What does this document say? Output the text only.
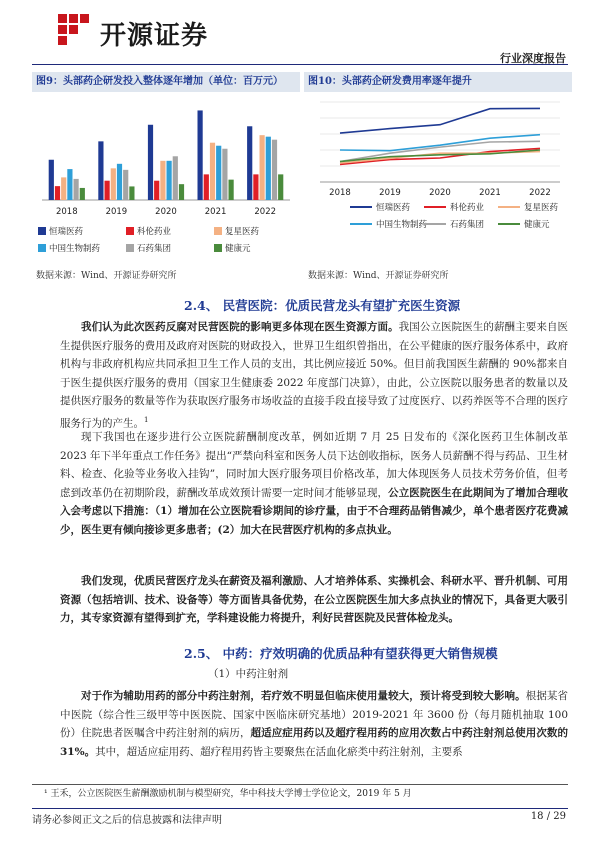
开源证券
行业深度报告
图9：头部药企研发投入整体逐年增加（单位：百万元）	图10：头部药企研发费用率逐年提升
2018	2019	2020	2021	2022
恒瑞医药	科伦药业	复星医药
中国生物制药	石药集团	健康元
2018	2019	2020	2021	2022
恒瑞医药	科伦药业	复星医药
中国生物制药	石药集团	健康元
数据来源：Wind、开源证券研究所	数据来源：Wind、开源证券研究所
2.4、 民营医院：优质民营龙头有望扩充医生资源

我们认为此次医药反腐对民营医院的影响更多体现在医生资源方面。我国公立医院医生的薪酬主要来自医生提供医疗服务的费用及政府对医院的财政投入，世界卫生组织曾指出，在公平健康的医疗服务体系中，政府机构与非政府机构应共同承担卫生工作人员的支出，其比例应接近 50%。但目前我国医生薪酬的 90%都来自于医生提供医疗服务的费用（国家卫生健康委 2022 年度部门决算），由此，公立医院以服务患者的数量以及提供医疗服务的数量等作为获取医疗服务市场收益的直接手段直接导致了过度医疗、以药养医等不合理的医疗服务行为的产生。$^1$

现下我国也在逐步进行公立医院薪酬制度改革，例如近期 7 月 25 日发布的《深化医药卫生体制改革 2023 年下半年重点工作任务》提出“严禁向科室和医务人员下达创收指标，医务人员薪酬不得与药品、卫生材料、检查、化验等业务收入挂钩”，同时加大医疗服务项目价格改革，加大体现医务人员技术劳务价值，但考虑到改革仍在初期阶段，薪酬改革成效预计需要一定时间才能够显现，公立医院医生在此期间为了增加合理收入会考虑以下措施：（1）增加在公立医院看诊期间的诊疗量，由于不合理药品销售减少，单个患者医疗花费减少，医生更有倾向接诊更多患者；(2）加大在民营医疗机构的多点执业。

我们发现，优质民营医疗龙头在薪资及福利激励、人才培养体系、实操机会、科研水平、晋升机制、可用资源（包括培训、技术、设备等）等方面皆具备优势，在公立医院医生加大多点执业的情况下，具备更大吸引力，其专家资源有望得到扩充，学科建设能力将提升，利好民营医院及民营体检龙头。

2.5、 中药：疗效明确的优质品种有望获得更大销售规模
（1）中药注射剂

对于作为辅助用药的部分中药注射剂，若疗效不明显但临床使用量较大，预计将受到较大影响。根据某省中医院（综合性三级甲等中医医院、国家中医临床研究基地）2019-2021 年 3600 份（每月随机抽取 100 份）住院患者医嘱含中药注射剂的病历，超适应症用药以及超疗程用药的应用次数占中药注射剂总使用次数的 31%。其中，超适应症用药、超疗程用药皆主要聚焦在活血化瘀类中药注射剂，主要系

¹ 王禾，公立医院医生薪酬激励机制与模型研究，华中科技大学博士学位论文，2019 年 5 月
请务必参阅正文之后的信息披露和法律声明	18 / 29
